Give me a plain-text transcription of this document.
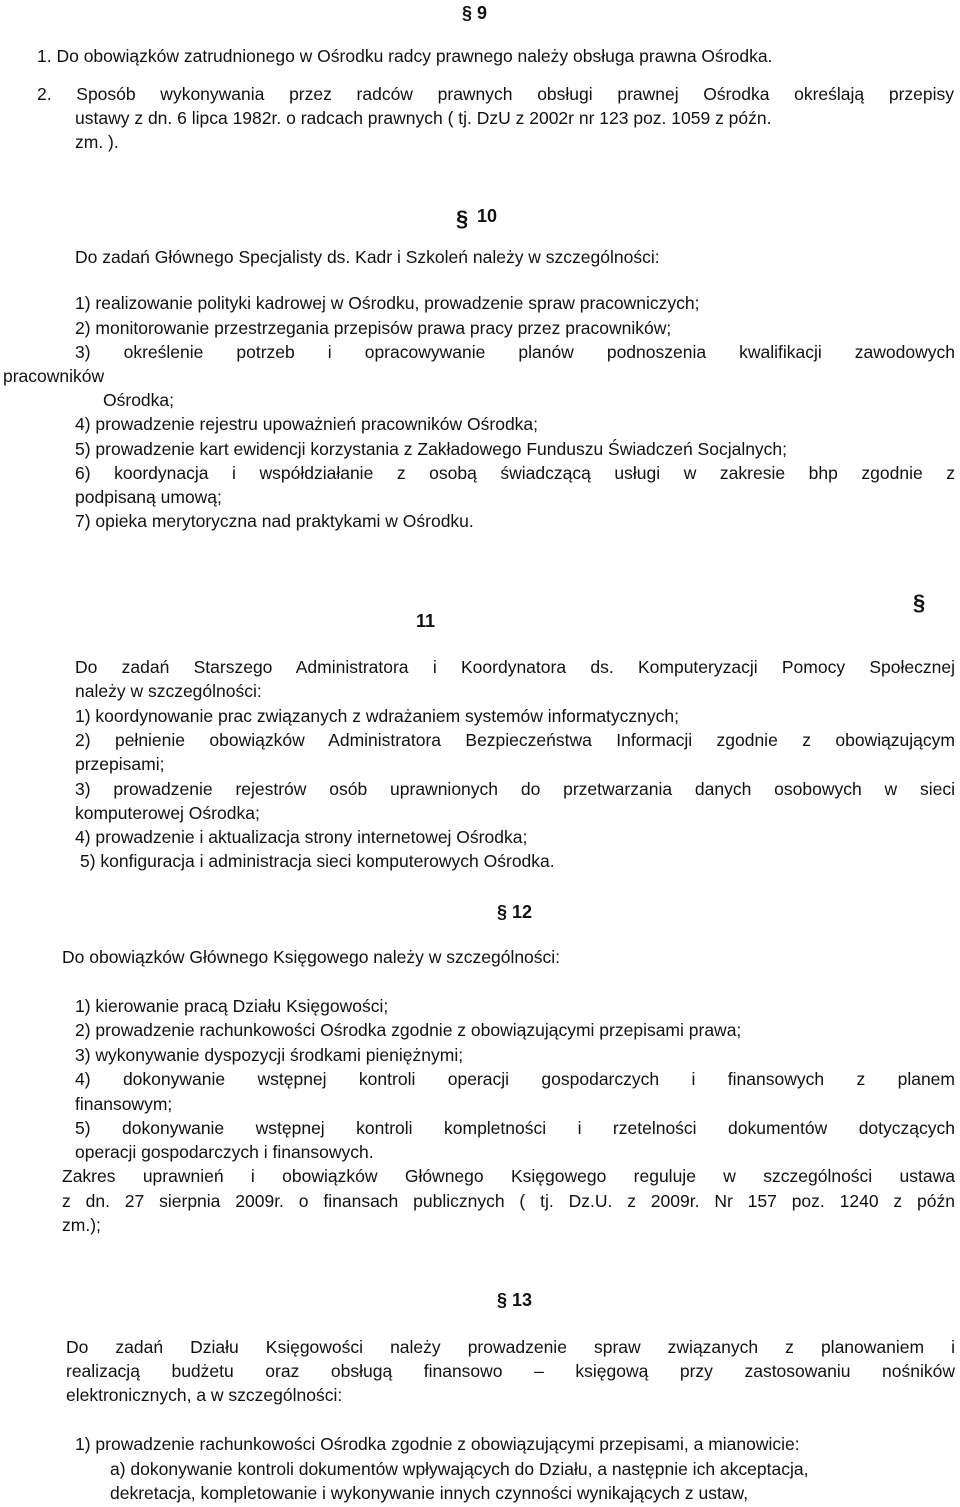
§ 9
1. Do obowiązków zatrudnionego w Ośrodku radcy prawnego należy obsługa prawna Ośrodka.
2. Sposób wykonywania przez radców prawnych obsługi prawnej Ośrodka określają przepisy
ustawy z dn. 6 lipca 1982r. o radcach prawnych ( tj. DzU z 2002r nr 123 poz. 1059 z późn.
zm. ).
§ 10
Do zadań Głównego Specjalisty ds. Kadr i Szkoleń należy w szczególności:
1) realizowanie polityki kadrowej w Ośrodku, prowadzenie spraw pracowniczych;
2) monitorowanie przestrzegania przepisów prawa pracy przez pracowników;
3) określenie potrzeb i opracowywanie planów podnoszenia kwalifikacji zawodowych
pracowników
Ośrodka;
4) prowadzenie rejestru upoważnień pracowników Ośrodka;
5) prowadzenie kart ewidencji korzystania z Zakładowego Funduszu Świadczeń Socjalnych;
6) koordynacja i współdziałanie z osobą świadczącą usługi w zakresie bhp zgodnie z
podpisaną umową;
7) opieka merytoryczna nad praktykami w Ośrodku.
11
§
Do zadań Starszego Administratora i Koordynatora ds. Komputeryzacji Pomocy Społecznej
należy w szczególności:
1) koordynowanie prac związanych z wdrażaniem systemów informatycznych;
2) pełnienie obowiązków Administratora Bezpieczeństwa Informacji zgodnie z obowiązującym
przepisami;
3) prowadzenie rejestrów osób uprawnionych do przetwarzania danych osobowych w sieci
komputerowej Ośrodka;
4) prowadzenie i aktualizacja strony internetowej Ośrodka;
5) konfiguracja i administracja sieci komputerowych Ośrodka.
§ 12
Do obowiązków Głównego Księgowego należy w szczególności:
1) kierowanie pracą Działu Księgowości;
2) prowadzenie rachunkowości Ośrodka zgodnie z obowiązującymi przepisami prawa;
3) wykonywanie dyspozycji środkami pieniężnymi;
4) dokonywanie wstępnej kontroli operacji gospodarczych i finansowych z planem
finansowym;
5) dokonywanie wstępnej kontroli kompletności i rzetelności dokumentów dotyczących
operacji gospodarczych i finansowych.
Zakres uprawnień i obowiązków Głównego Księgowego reguluje w szczególności ustawa
z dn. 27 sierpnia 2009r. o finansach publicznych ( tj. Dz.U. z 2009r. Nr 157 poz. 1240 z późn
zm.);
§ 13
Do zadań Działu Księgowości należy prowadzenie spraw związanych z planowaniem i
realizacją budżetu oraz obsługą finansowo – księgową przy zastosowaniu nośników
elektronicznych, a w szczególności:
1) prowadzenie rachunkowości Ośrodka zgodnie z obowiązującymi przepisami, a mianowicie:
a) dokonywanie kontroli dokumentów wpływających do Działu, a następnie ich akceptacja,
dekretacja, kompletowanie i wykonywanie innych czynności wynikających z ustaw,
